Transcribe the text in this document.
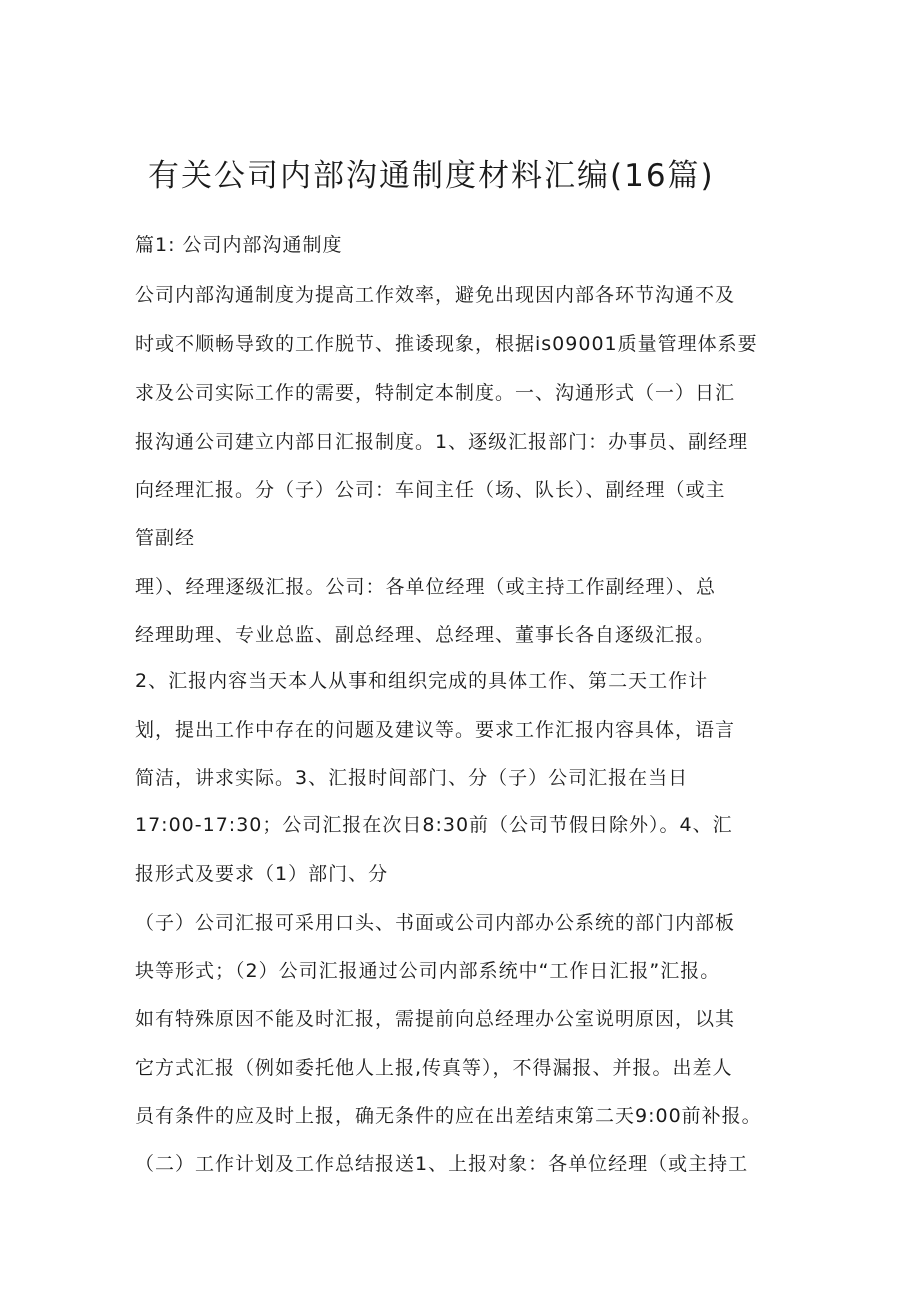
有关公司内部沟通制度材料汇编(16篇)
篇1: 公司内部沟通制度
公司内部沟通制度为提高工作效率，避免出现因内部各环节沟通不及
时或不顺畅导致的工作脱节、推诿现象，根据is09001质量管理体系要
求及公司实际工作的需要，特制定本制度。一、沟通形式（一）日汇
报沟通公司建立内部日汇报制度。1、逐级汇报部门：办事员、副经理
向经理汇报。分（子）公司：车间主任（场、队长）、副经理（或主
管副经
理）、经理逐级汇报。公司：各单位经理（或主持工作副经理）、总
经理助理、专业总监、副总经理、总经理、董事长各自逐级汇报。
2、汇报内容当天本人从事和组织完成的具体工作、第二天工作计
划，提出工作中存在的问题及建议等。要求工作汇报内容具体，语言
简洁，讲求实际。3、汇报时间部门、分（子）公司汇报在当日
17:00-17:30；公司汇报在次日8:30前（公司节假日除外）。4、汇
报形式及要求（1）部门、分
（子）公司汇报可采用口头、书面或公司内部办公系统的部门内部板
块等形式；（2）公司汇报通过公司内部系统中“工作日汇报”汇报。
如有特殊原因不能及时汇报，需提前向总经理办公室说明原因，以其
它方式汇报（例如委托他人上报,传真等），不得漏报、并报。出差人
员有条件的应及时上报，确无条件的应在出差结束第二天9:00前补报。
（二）工作计划及工作总结报送1、上报对象：各单位经理（或主持工
